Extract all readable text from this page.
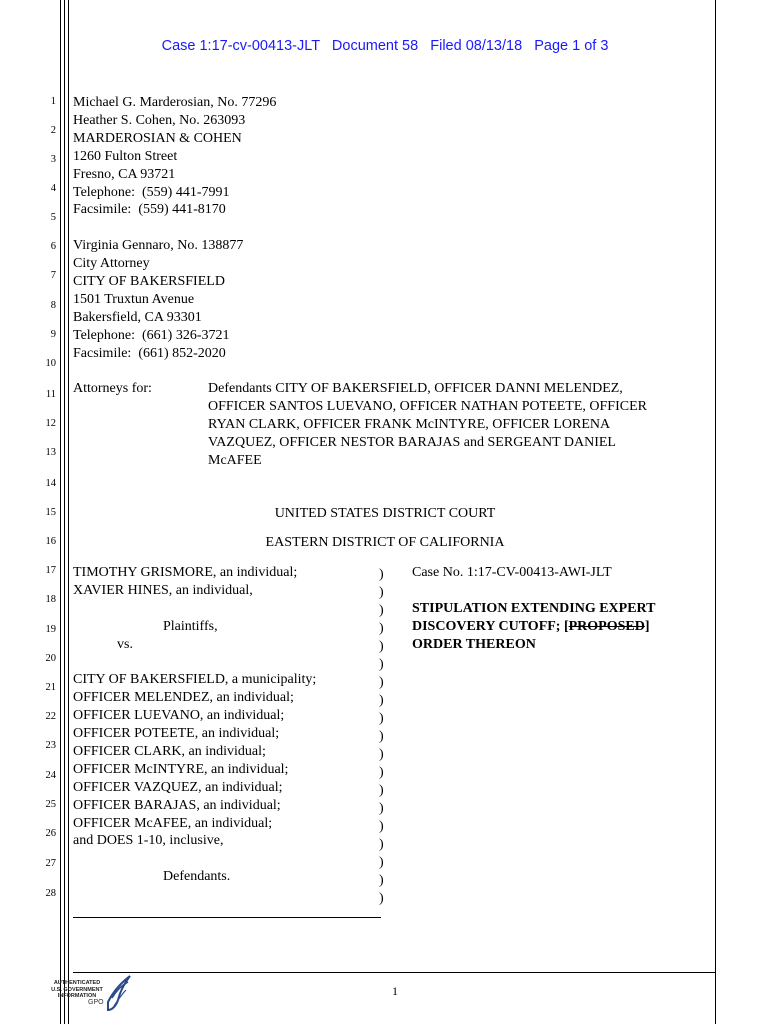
Case 1:17-cv-00413-JLT   Document 58   Filed 08/13/18   Page 1 of 3
1
2
3
4
5
6
7
8
9
10
11
12
13
14
15
16
17
18
19
20
21
22
23
24
25
26
27
28
Michael G. Marderosian, No. 77296
Heather S. Cohen, No. 263093
MARDEROSIAN & COHEN
1260 Fulton Street
Fresno, CA 93721
Telephone:  (559) 441-7991
Facsimile:  (559) 441-8170
Virginia Gennaro, No. 138877
City Attorney
CITY OF BAKERSFIELD
1501 Truxtun Avenue
Bakersfield, CA 93301
Telephone:  (661) 326-3721
Facsimile:  (661) 852-2020
Attorneys for:	Defendants CITY OF BAKERSFIELD, OFFICER DANNI MELENDEZ,
OFFICER SANTOS LUEVANO, OFFICER NATHAN POTEETE, OFFICER
RYAN CLARK, OFFICER FRANK McINTYRE, OFFICER LORENA
VAZQUEZ, OFFICER NESTOR BARAJAS and SERGEANT DANIEL
McAFEE
UNITED STATES DISTRICT COURT
EASTERN DISTRICT OF CALIFORNIA
TIMOTHY GRISMORE, an individual;
XAVIER HINES, an individual,
Plaintiffs,
vs.
CITY OF BAKERSFIELD, a municipality;
OFFICER MELENDEZ, an individual;
OFFICER LUEVANO, an individual;
OFFICER POTEETE, an individual;
OFFICER CLARK, an individual;
OFFICER McINTYRE, an individual;
OFFICER VAZQUEZ, an individual;
OFFICER BARAJAS, an individual;
OFFICER McAFEE, an individual;
and DOES 1-10, inclusive,
Defendants.
)
)
)
)
)
)
)
)
)
)
)
)
)
)
)
)
)
)
)
Case No. 1:17-CV-00413-AWI-JLT
STIPULATION EXTENDING EXPERT
DISCOVERY CUTOFF; [PROPOSED]
ORDER THEREON
1
AUTHENTICATED
U.S. GOVERNMENT
INFORMATION
GPO
